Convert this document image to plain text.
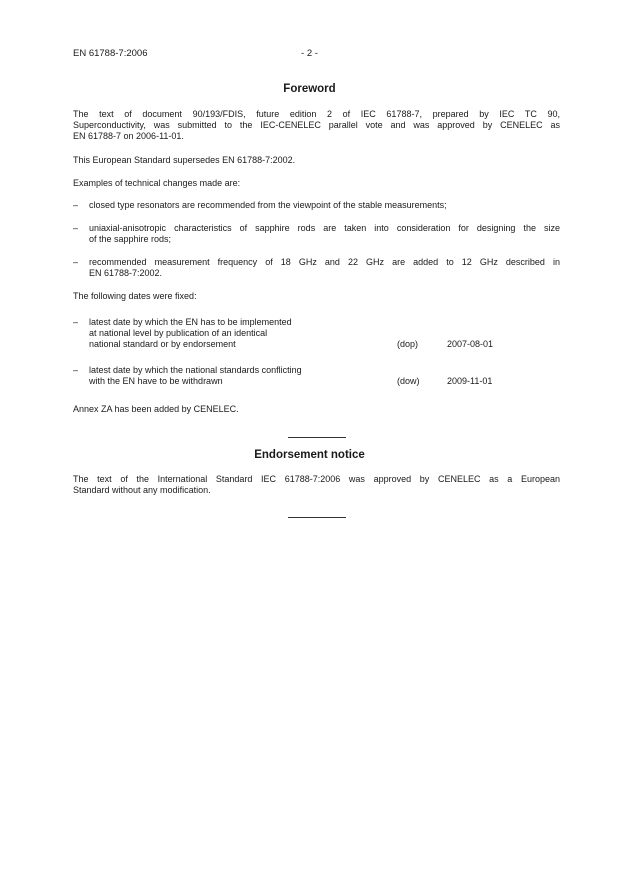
EN 61788-7:2006	- 2 -
Foreword
The text of document 90/193/FDIS, future edition 2 of IEC 61788-7, prepared by IEC TC 90,
Superconductivity, was submitted to the IEC-CENELEC parallel vote and was approved by CENELEC as
EN 61788-7 on 2006-11-01.
This European Standard supersedes EN 61788-7:2002.
Examples of technical changes made are:
– closed type resonators are recommended from the viewpoint of the stable measurements;
– uniaxial-anisotropic characteristics of sapphire rods are taken into consideration for designing the size
of the sapphire rods;
– recommended measurement frequency of 18 GHz and 22 GHz are added to 12 GHz described in
EN 61788-7:2002.
The following dates were fixed:
– latest date by which the EN has to be implemented
at national level by publication of an identical
national standard or by endorsement	(dop)	2007-08-01
– latest date by which the national standards conflicting
with the EN have to be withdrawn	(dow)	2009-11-01
Annex ZA has been added by CENELEC.
Endorsement notice
The text of the International Standard IEC 61788-7:2006 was approved by CENELEC as a European
Standard without any modification.
